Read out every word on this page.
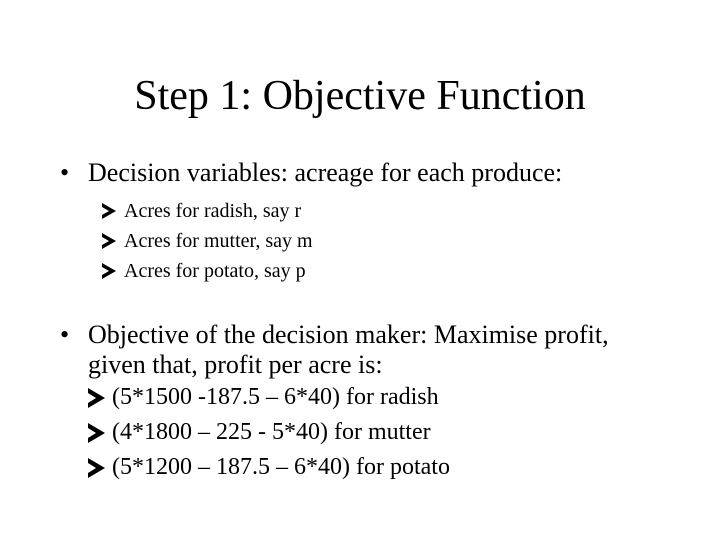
Step 1: Objective Function
• Decision variables: acreage for each produce:
Acres for radish, say r
Acres for mutter, say m
Acres for potato, say p
• Objective of the decision maker: Maximise profit,
given that, profit per acre is:
(5*1500 -187.5 – 6*40) for radish
(4*1800 – 225 - 5*40) for mutter
(5*1200 – 187.5 – 6*40) for potato
